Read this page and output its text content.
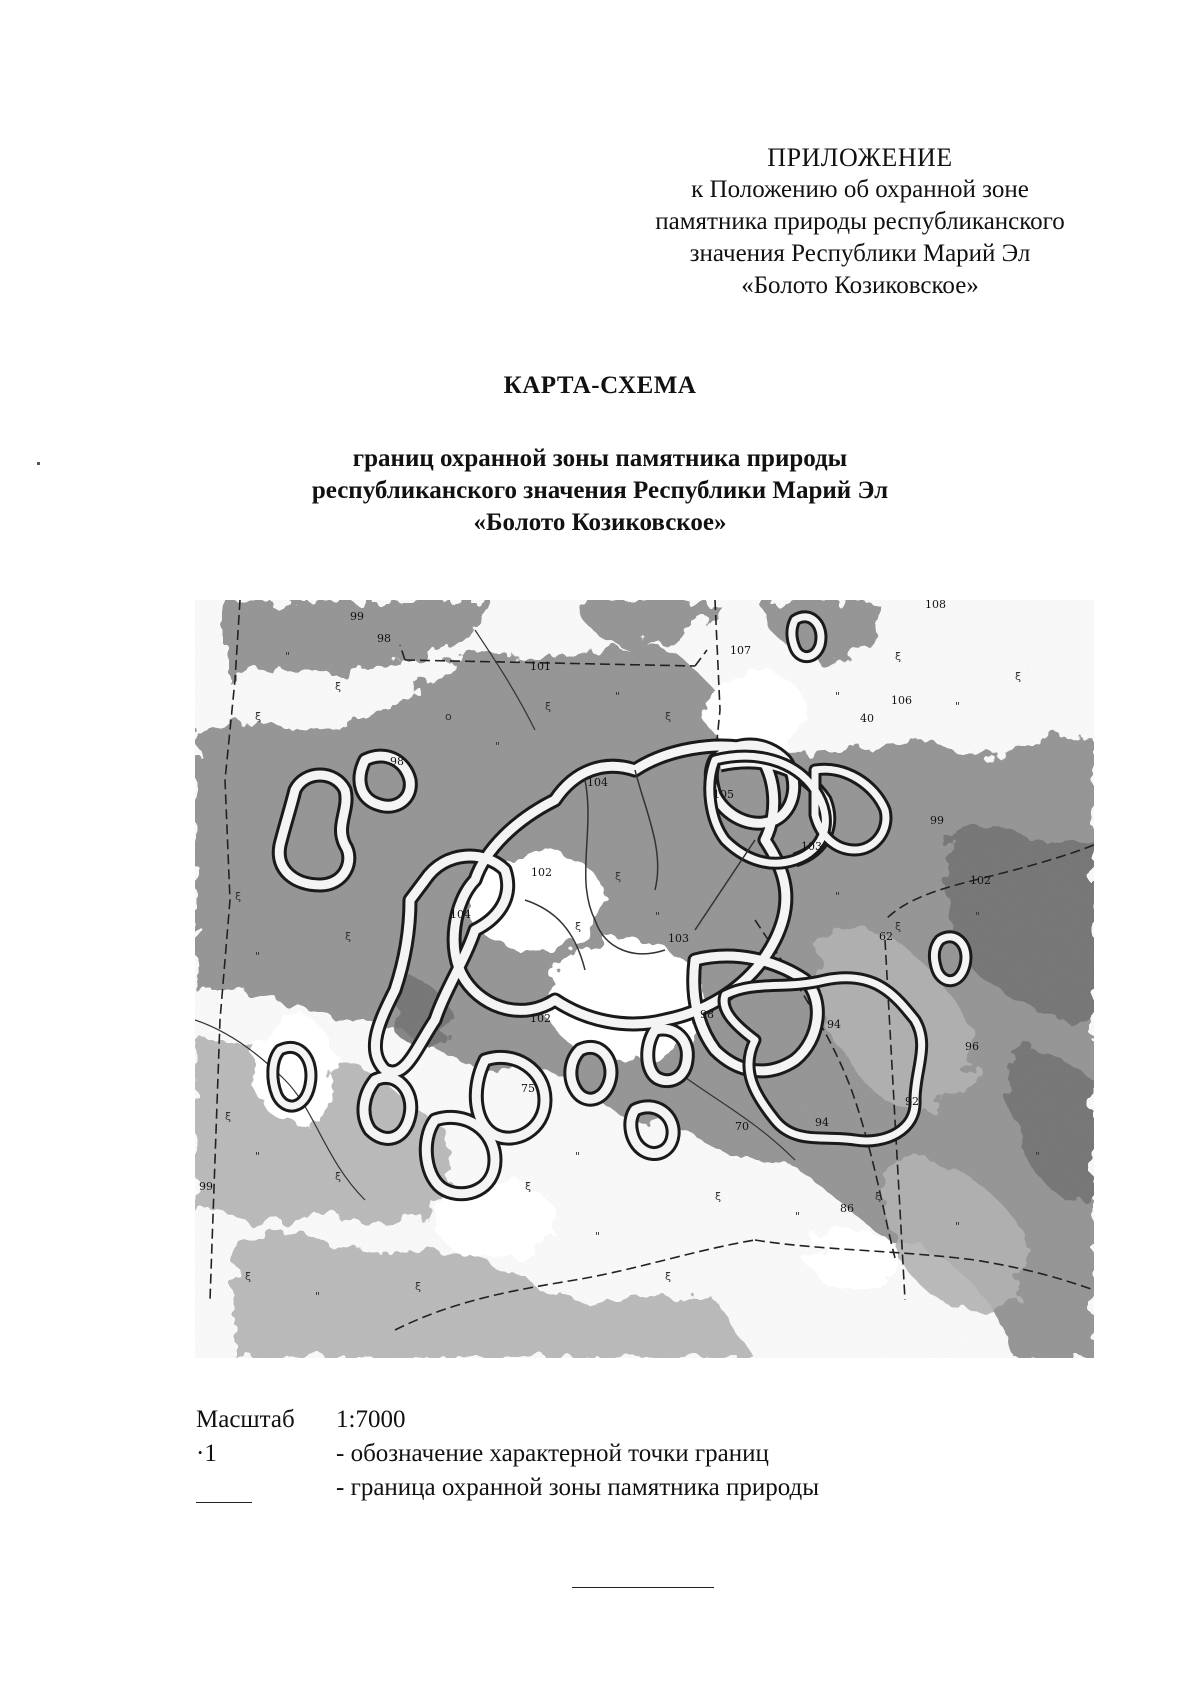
ПРИЛОЖЕНИЕ
к Положению об охранной зоне
памятника природы республиканского
значения Республики Марий Эл
«Болото Козиковское»
КАРТА-СХЕМА
границ охранной зоны памятника природы
республиканского значения Республики Марий Эл
«Болото Козиковское»
ξ
"
ξ
ο
"
ξ
"
ξ
"
ξ
"
ξ
ξ
"
ξ
ξ
"
ξ
"
ξ
"
ξ
"
ξ
ξ
"
ξ
"
ξ
"
ξ
"
ξ
"
ξ
"
99
98
101
107
108
106
40
98
104
105
103
99
102
102
104
103	62
98
94
102
75
96
92
94
99
86
70
Масштаб 1:7000
·1	- обозначение характерной точки границ
- граница охранной зоны памятника природы
